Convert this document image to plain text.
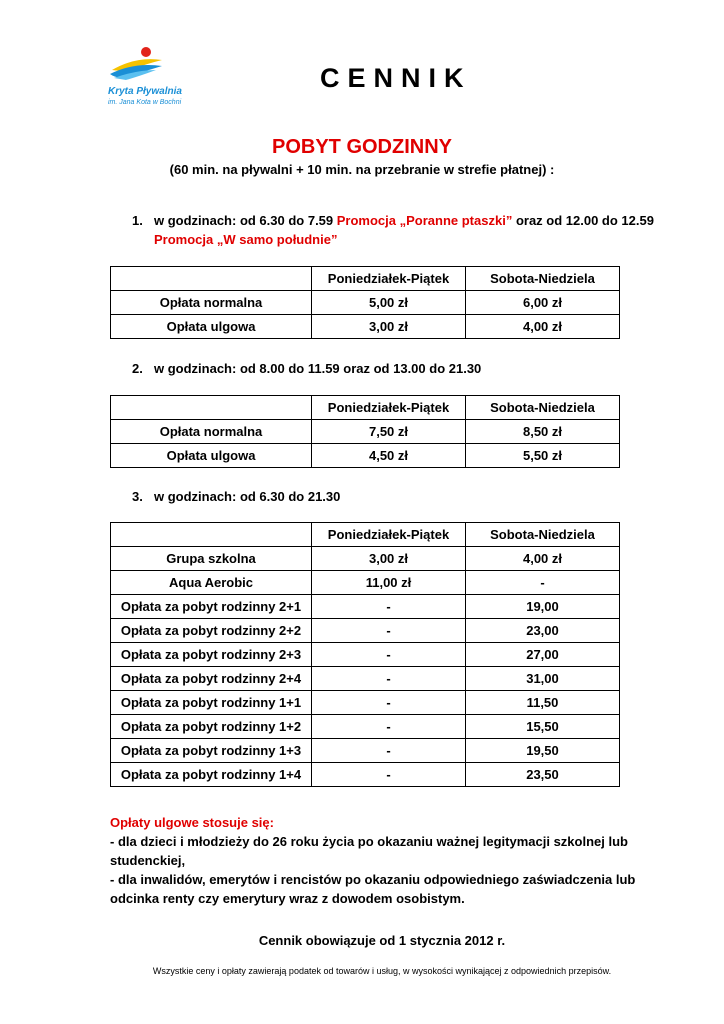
Kryta Pływalnia
im. Jana Kota w Bochni
CENNIK
POBYT GODZINNY
(60 min. na pływalni + 10 min. na przebranie w strefie płatnej) :
1. w godzinach: od 6.30 do 7.59 Promocja „Poranne ptaszki” oraz od 12.00 do 12.59 Promocja „W samo południe”
	Poniedziałek-Piątek	Sobota-Niedziela
Opłata normalna	5,00 zł	6,00 zł
Opłata ulgowa	3,00 zł	4,00 zł
2. w godzinach: od 8.00 do 11.59 oraz od 13.00 do 21.30
	Poniedziałek-Piątek	Sobota-Niedziela
Opłata normalna	7,50 zł	8,50 zł
Opłata ulgowa	4,50 zł	5,50 zł
3. w godzinach: od 6.30 do 21.30
	Poniedziałek-Piątek	Sobota-Niedziela
Grupa szkolna	3,00 zł	4,00 zł
Aqua Aerobic	11,00 zł	-
Opłata za pobyt rodzinny 2+1	-	19,00
Opłata za pobyt rodzinny 2+2	-	23,00
Opłata za pobyt rodzinny 2+3	-	27,00
Opłata za pobyt rodzinny 2+4	-	31,00
Opłata za pobyt rodzinny 1+1	-	11,50
Opłata za pobyt rodzinny 1+2	-	15,50
Opłata za pobyt rodzinny 1+3	-	19,50
Opłata za pobyt rodzinny 1+4	-	23,50
Opłaty ulgowe stosuje się:
- dla dzieci i młodzieży do 26 roku życia po okazaniu ważnej legitymacji szkolnej lub studenckiej,
- dla inwalidów, emerytów i rencistów po okazaniu odpowiedniego zaświadczenia lub odcinka renty czy emerytury wraz z dowodem osobistym.
Cennik obowiązuje od 1 stycznia 2012 r.
Wszystkie ceny i opłaty zawierają podatek od towarów i usług, w wysokości wynikającej z odpowiednich przepisów.
